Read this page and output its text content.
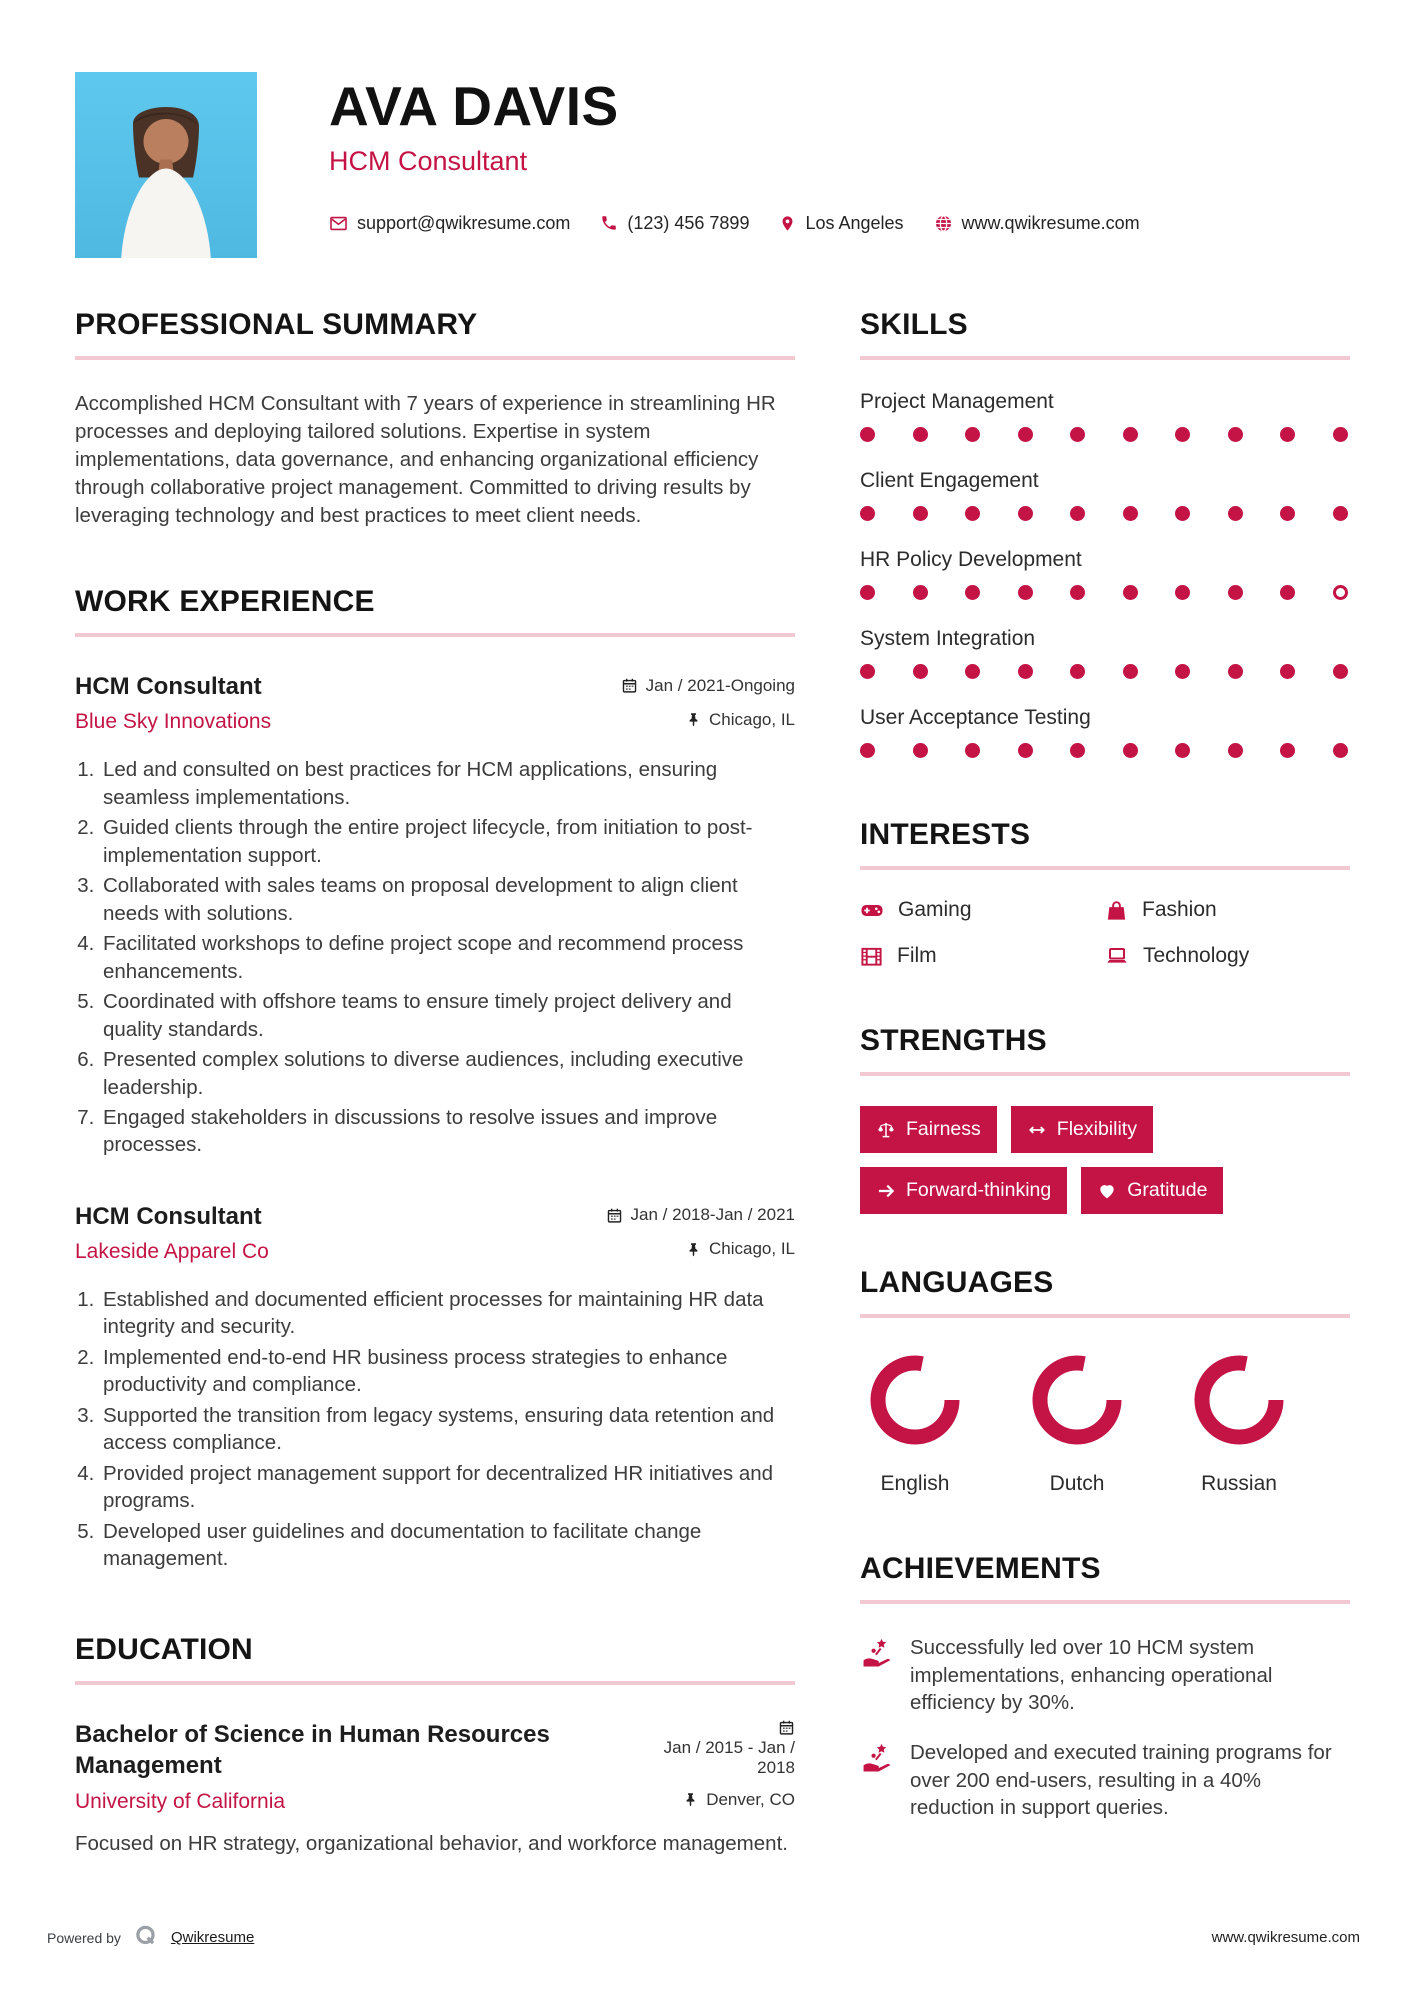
AVA DAVIS
HCM Consultant
support@qwikresume.com	(123) 456 7899	Los Angeles	www.qwikresume.com
PROFESSIONAL SUMMARY

Accomplished HCM Consultant with 7 years of experience in streamlining HR processes and deploying tailored solutions. Expertise in system implementations, data governance, and enhancing organizational efficiency through collaborative project management. Committed to driving results by leveraging technology and best practices to meet client needs.

WORK EXPERIENCE
HCM Consultant	Jan / 2021-Ongoing
Blue Sky Innovations	Chicago, IL
1. Led and consulted on best practices for HCM applications, ensuring seamless implementations.
2. Guided clients through the entire project lifecycle, from initiation to post-implementation support.
3. Collaborated with sales teams on proposal development to align client needs with solutions.
4. Facilitated workshops to define project scope and recommend process enhancements.
5. Coordinated with offshore teams to ensure timely project delivery and quality standards.
6. Presented complex solutions to diverse audiences, including executive leadership.
7. Engaged stakeholders in discussions to resolve issues and improve processes.
HCM Consultant	Jan / 2018-Jan / 2021
Lakeside Apparel Co	Chicago, IL
1. Established and documented efficient processes for maintaining HR data integrity and security.
2. Implemented end-to-end HR business process strategies to enhance productivity and compliance.
3. Supported the transition from legacy systems, ensuring data retention and access compliance.
4. Provided project management support for decentralized HR initiatives and programs.
5. Developed user guidelines and documentation to facilitate change management.
EDUCATION
Bachelor of Science in Human Resources Management
Jan / 2015 - Jan / 2018
University of California	Denver, CO

Focused on HR strategy, organizational behavior, and workforce management.

SKILLS
Project Management
Client Engagement
HR Policy Development
System Integration
User Acceptance Testing
INTERESTS
Gaming	Fashion
Film	Technology
STRENGTHS
Fairness	Flexibility
Forward-thinking	Gratitude
LANGUAGES
English	Dutch	Russian
ACHIEVEMENTS
Successfully led over 10 HCM system implementations, enhancing operational efficiency by 30%.
Developed and executed training programs for over 200 end-users, resulting in a 40% reduction in support queries.
Powered by	Qwikresume	www.qwikresume.com
